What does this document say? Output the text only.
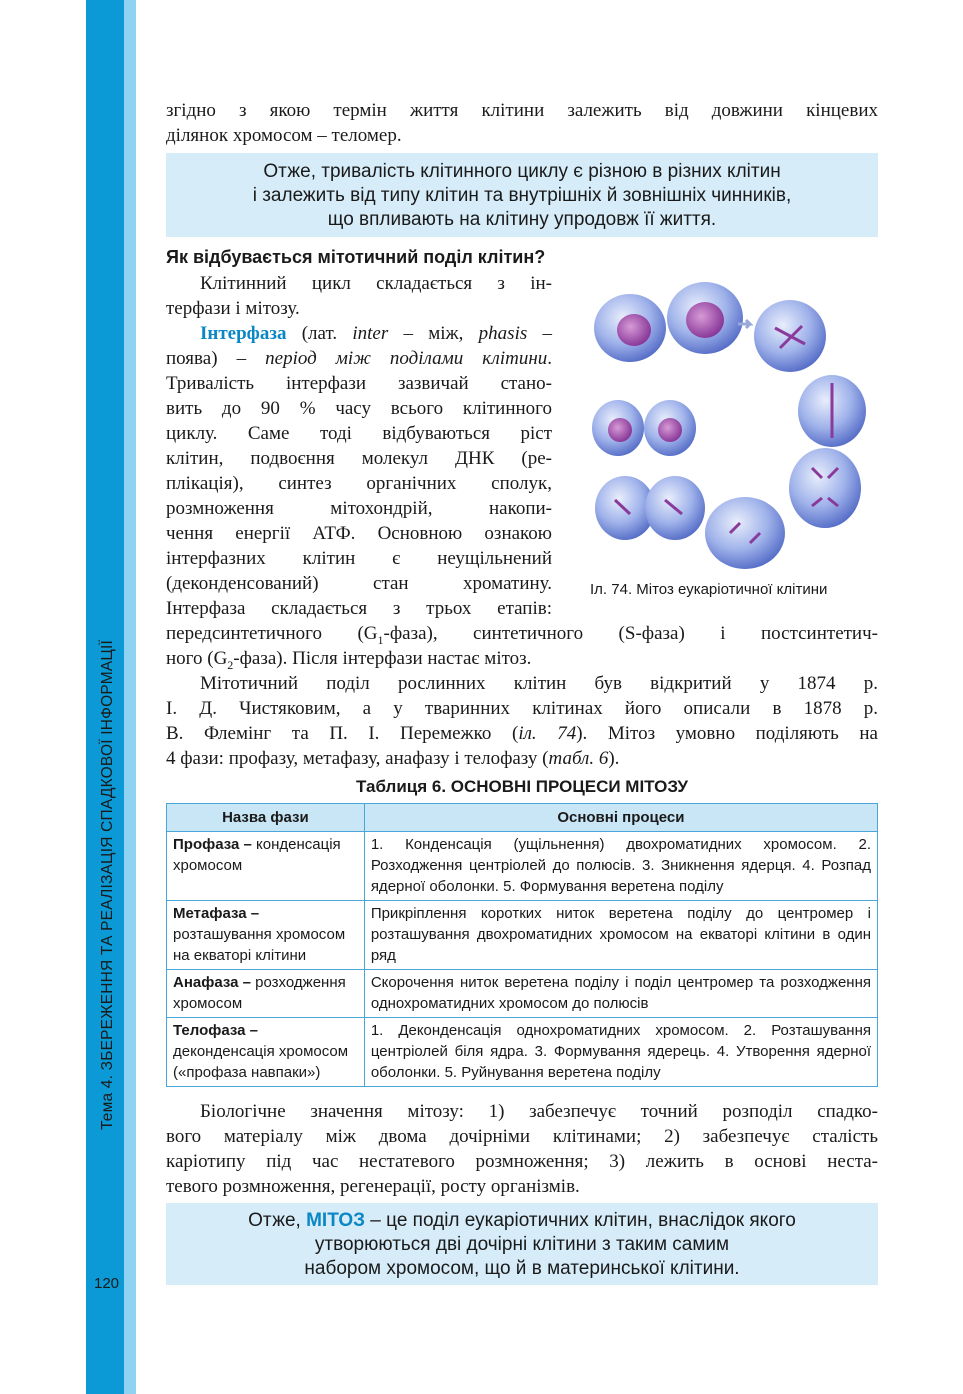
Тема 4. ЗБЕРЕЖЕННЯ ТА РЕАЛІЗАЦІЯ СПАДКОВОЇ ІНФОРМАЦІЇ
120
згідно з якою термін життя клітини залежить від довжини кінцевих
ділянок хромосом – теломер.
Отже, тривалість клітинного циклу є різною в різних клітин
і залежить від типу клітин та внутрішніх й зовнішніх чинників,
що впливають на клітину упродовж її життя.
Як відбувається мітотичний поділ клітин?
Клітинний цикл складається з ін-
терфази і мітозу.
Інтерфаза (лат. inter – між, phasis –
поява) – період між поділами клітини.
Тривалість інтерфази зазвичай стано-
вить до 90 % часу всього клітинного
циклу. Саме тоді відбуваються ріст
клітин, подвоєння молекул ДНК (ре-
плікація), синтез органічних сполук,
розмноження мітохондрій, накопи-
чення енергії АТФ. Основною ознакою
інтерфазних клітин є неущільнений
(деконденсований) стан хроматину.
Інтерфаза складається з трьох етапів:
Іл. 74. Мітоз еукаріотичної клітини
передсинтетичного $(G_1-фаза)$, синтетичного (S-фаза) і постсинтетич-
ного $(G_2-фаза)$. Після інтерфази настає мітоз.
Мітотичний поділ рослинних клітин був відкритий у 1874 р.
І. Д. Чистяковим, а у тваринних клітинах його описали в 1878 р.
В. Флемінг та П. І. Перемежко (іл. 74). Мітоз умовно поділяють на
4 фази: профазу, метафазу, анафазу і телофазу (табл. 6).
Таблиця 6. ОСНОВНІ ПРОЦЕСИ МІТОЗУ
Назва фази	Основні процеси
Профаза – конденсація хромосом	1. Конденсація (ущільнення) двохроматидних хромосом. 2. Розходження центріолей до полюсів. 3. Зникнення ядерця. 4. Розпад ядерної оболонки. 5. Формування веретена поділу
Метафаза – розташування хромосом на екваторі клітини	Прикріплення коротких ниток веретена поділу до центромер і розташування двохроматидних хромосом на екваторі клітини в один ряд
Анафаза – розходження хромосом	Скорочення ниток веретена поділу і поділ центромер та розходження однохроматидних хромосом до полюсів
Телофаза – деконденсація хромосом («профаза навпаки»)	1. Деконденсація однохроматидних хромосом. 2. Розташування центріолей біля ядра. 3. Формування ядерець. 4. Утворення ядерної оболонки. 5. Руйнування веретена поділу
Біологічне значення мітозу: 1) забезпечує точний розподіл спадко-
вого матеріалу між двома дочірніми клітинами; 2) забезпечує сталість
каріотипу під час нестатевого розмноження; 3) лежить в основі неста-
тевого розмноження, регенерації, росту організмів.
Отже, МІТОЗ – це поділ еукаріотичних клітин, внаслідок якого
утворюються дві дочірні клітини з таким самим
набором хромосом, що й в материнської клітини.
